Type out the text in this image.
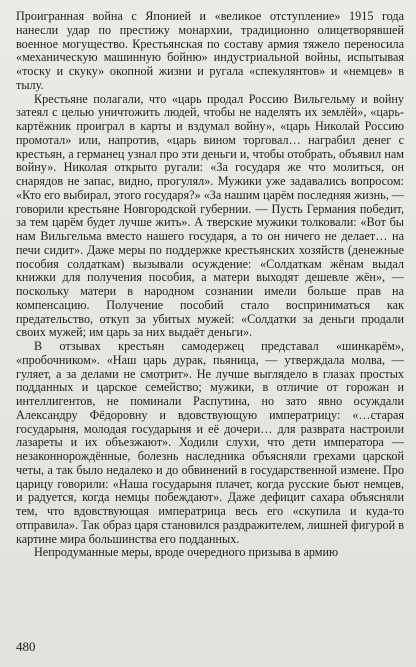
Проигранная война с Японией и «великое отступление» 1915 года нанесли удар по престижу монархии, традиционно олицетворявшей военное могущество. Крестьянская по составу армия тяжело переносила «механическую машинную бойню» индустриальной войны, испытывая «тоску и скуку» окопной жизни и ругала «спекулянтов» и «немцев» в тылу.

Крестьяне полагали, что «царь продал Россию Вильгельму и войну затеял с целью уничтожить людей, чтобы не наделять их землёй», «царь-картёжник проиграл в карты и вздумал войну», «царь Николай Россию промотал» или, напротив, «царь вином торговал… награбил денег с крестьян, а германец узнал про эти деньги и, чтобы отобрать, объявил нам войну». Николая открыто ругали: «За государя же что молиться, он снарядов не запас, видно, прогулял». Мужики уже задавались вопросом: «Кто его выбирал, этого государя?» «За нашим царём последняя жизнь, — говорили крестьяне Новгородской губернии. — Пусть Германия победит, за тем царём будет лучше жить». А тверские мужики толковали: «Вот бы нам Вильгельма вместо нашего государя, а то он ничего не делает… на печи сидит». Даже меры по поддержке крестьянских хозяйств (денежные пособия солдаткам) вызывали осуждение: «Солдаткам жёнам выдал книжки для получения пособия, а матери выходят дешевле жён», — поскольку матери в народном сознании имели больше прав на компенсацию. Получение пособий стало восприниматься как предательство, откуп за убитых мужей: «Солдатки за деньги продали своих мужей; им царь за них выдаёт деньги».

В отзывах крестьян самодержец представал «шинкарём», «пробочником». «Наш царь дурак, пьяница, — утверждала молва, — гуляет, а за делами не смотрит». Не лучше выглядело в глазах простых подданных и царское семейство; мужики, в отличие от горожан и интеллигентов, не поминали Распутина, но зато явно осуждали Александру Фёдоровну и вдовствующую императрицу: «…старая государыня, молодая государыня и её дочери… для разврата настроили лазареты и их объезжают». Ходили слухи, что дети императора — незаконнорождённые, болезнь наследника объясняли грехами царской четы, а так было недалеко и до обвинений в государственной измене. Про царицу говорили: «Наша государыня плачет, когда русские бьют немцев, и радуется, когда немцы побеждают». Даже дефицит сахара объясняли тем, что вдовствующая императрица весь его «скупила и куда-то отправила». Так образ царя становился раздражителем, лишней фигурой в картине мира большинства его подданных.

Непродуманные меры, вроде очередного призыва в армию

480
